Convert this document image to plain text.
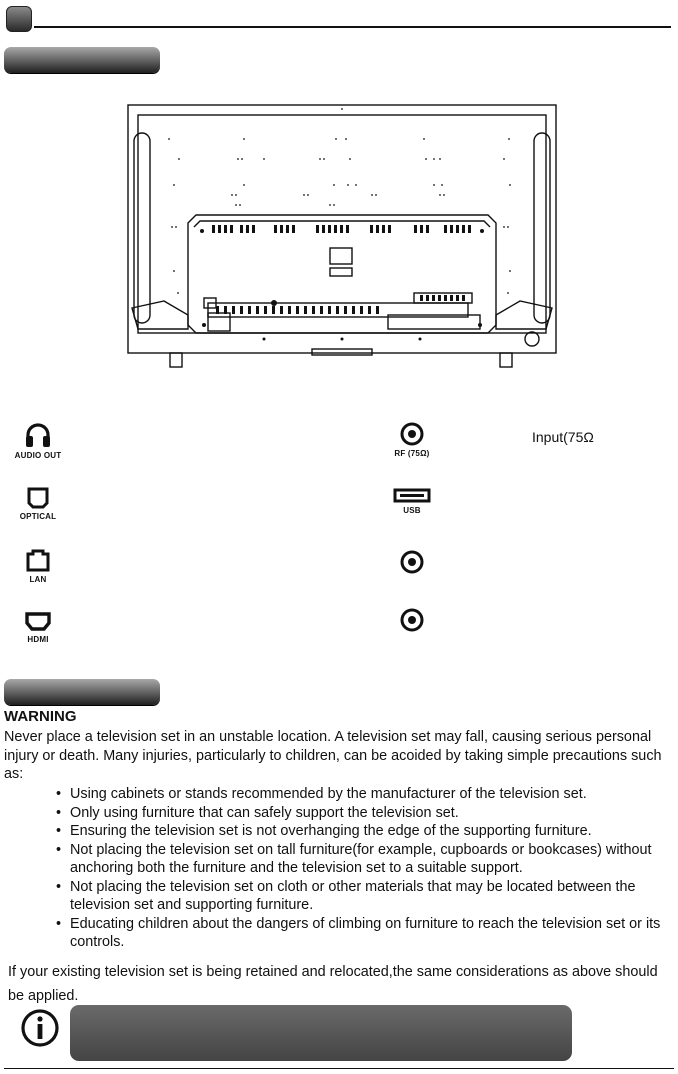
AUDIO OUT
OPTICAL
LAN
HDMI
RF (75Ω)
Input(75Ω
USB
WARNING
Never place a television set in an unstable location. A television set may fall, causing serious personal injury or death. Many injuries, particularly to children, can be acoided by taking simple precautions such as:
• Using cabinets or stands recommended by the manufacturer of the television set.
• Only using furniture that can safely support the television set.
• Ensuring the television set is not overhanging the edge of the supporting furniture.
• Not placing the television set on tall furniture(for example, cupboards or bookcases) without anchoring both the furniture and the television set to a suitable support.
• Not placing the television set on cloth or other materials that may be located between the television set and supporting furniture.
• Educating children about the dangers of climbing on furniture to reach the television set or its controls.
If your existing television set is being retained and relocated,the same considerations as above should be applied.
